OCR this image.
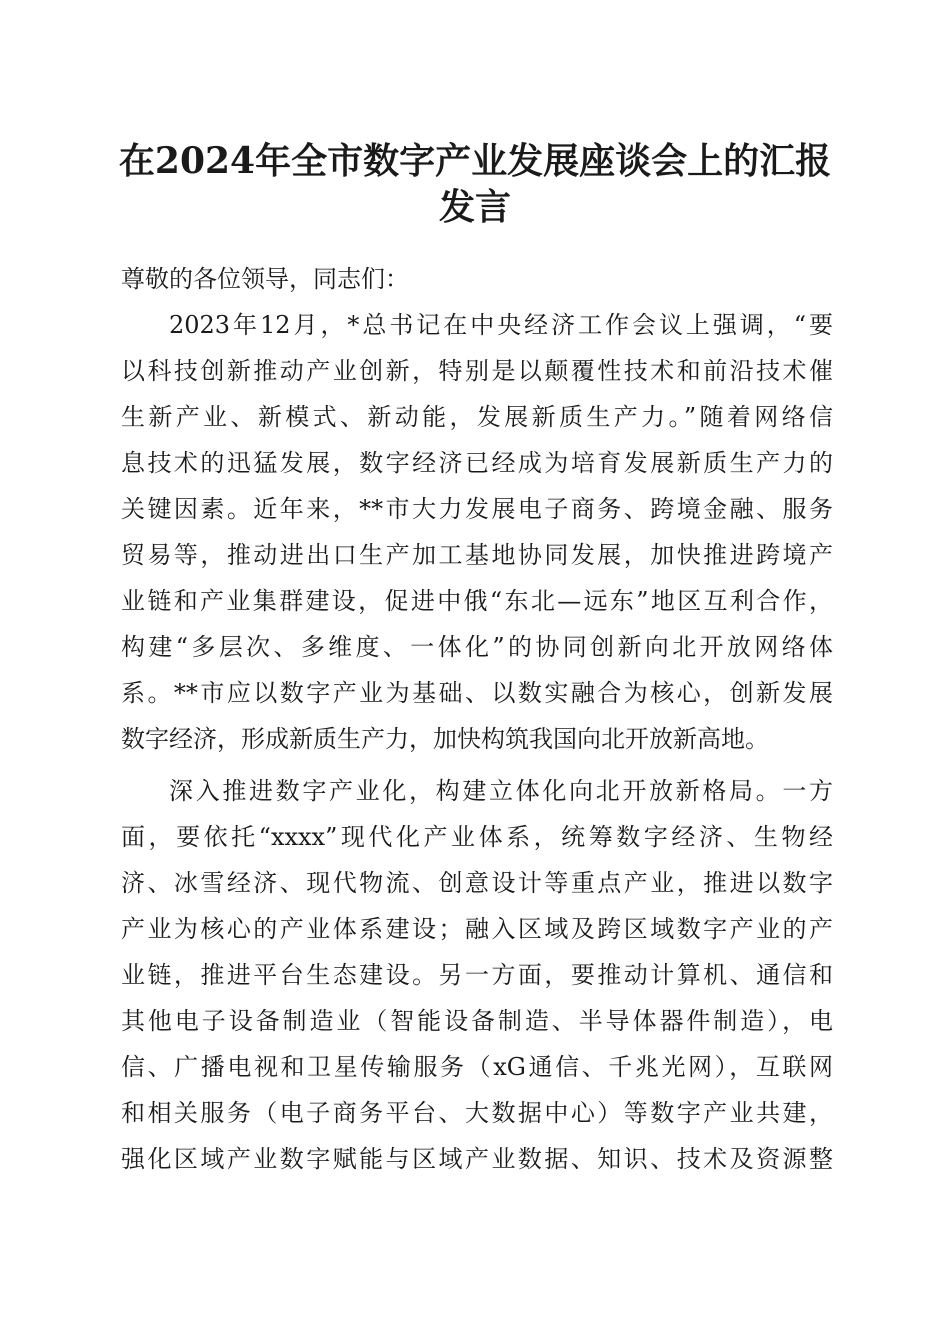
在2024年全市数字产业发展座谈会上的汇报
发言
尊敬的各位领导，同志们：
2023年12月，*总书记在中央经济工作会议上强调，“要
以科技创新推动产业创新，特别是以颠覆性技术和前沿技术催
生新产业、新模式、新动能，发展新质生产力。”随着网络信
息技术的迅猛发展，数字经济已经成为培育发展新质生产力的
关键因素。近年来，**市大力发展电子商务、跨境金融、服务
贸易等，推动进出口生产加工基地协同发展，加快推进跨境产
业链和产业集群建设，促进中俄“东北—远东”地区互利合作，
构建“多层次、多维度、一体化”的协同创新向北开放网络体
系。**市应以数字产业为基础、以数实融合为核心，创新发展
数字经济，形成新质生产力，加快构筑我国向北开放新高地。
深入推进数字产业化，构建立体化向北开放新格局。一方
面，要依托“xxxx”现代化产业体系，统筹数字经济、生物经
济、冰雪经济、现代物流、创意设计等重点产业，推进以数字
产业为核心的产业体系建设；融入区域及跨区域数字产业的产
业链，推进平台生态建设。另一方面，要推动计算机、通信和
其他电子设备制造业（智能设备制造、半导体器件制造），电
信、广播电视和卫星传输服务（xG通信、千兆光网），互联网
和相关服务（电子商务平台、大数据中心）等数字产业共建，
强化区域产业数字赋能与区域产业数据、知识、技术及资源整
